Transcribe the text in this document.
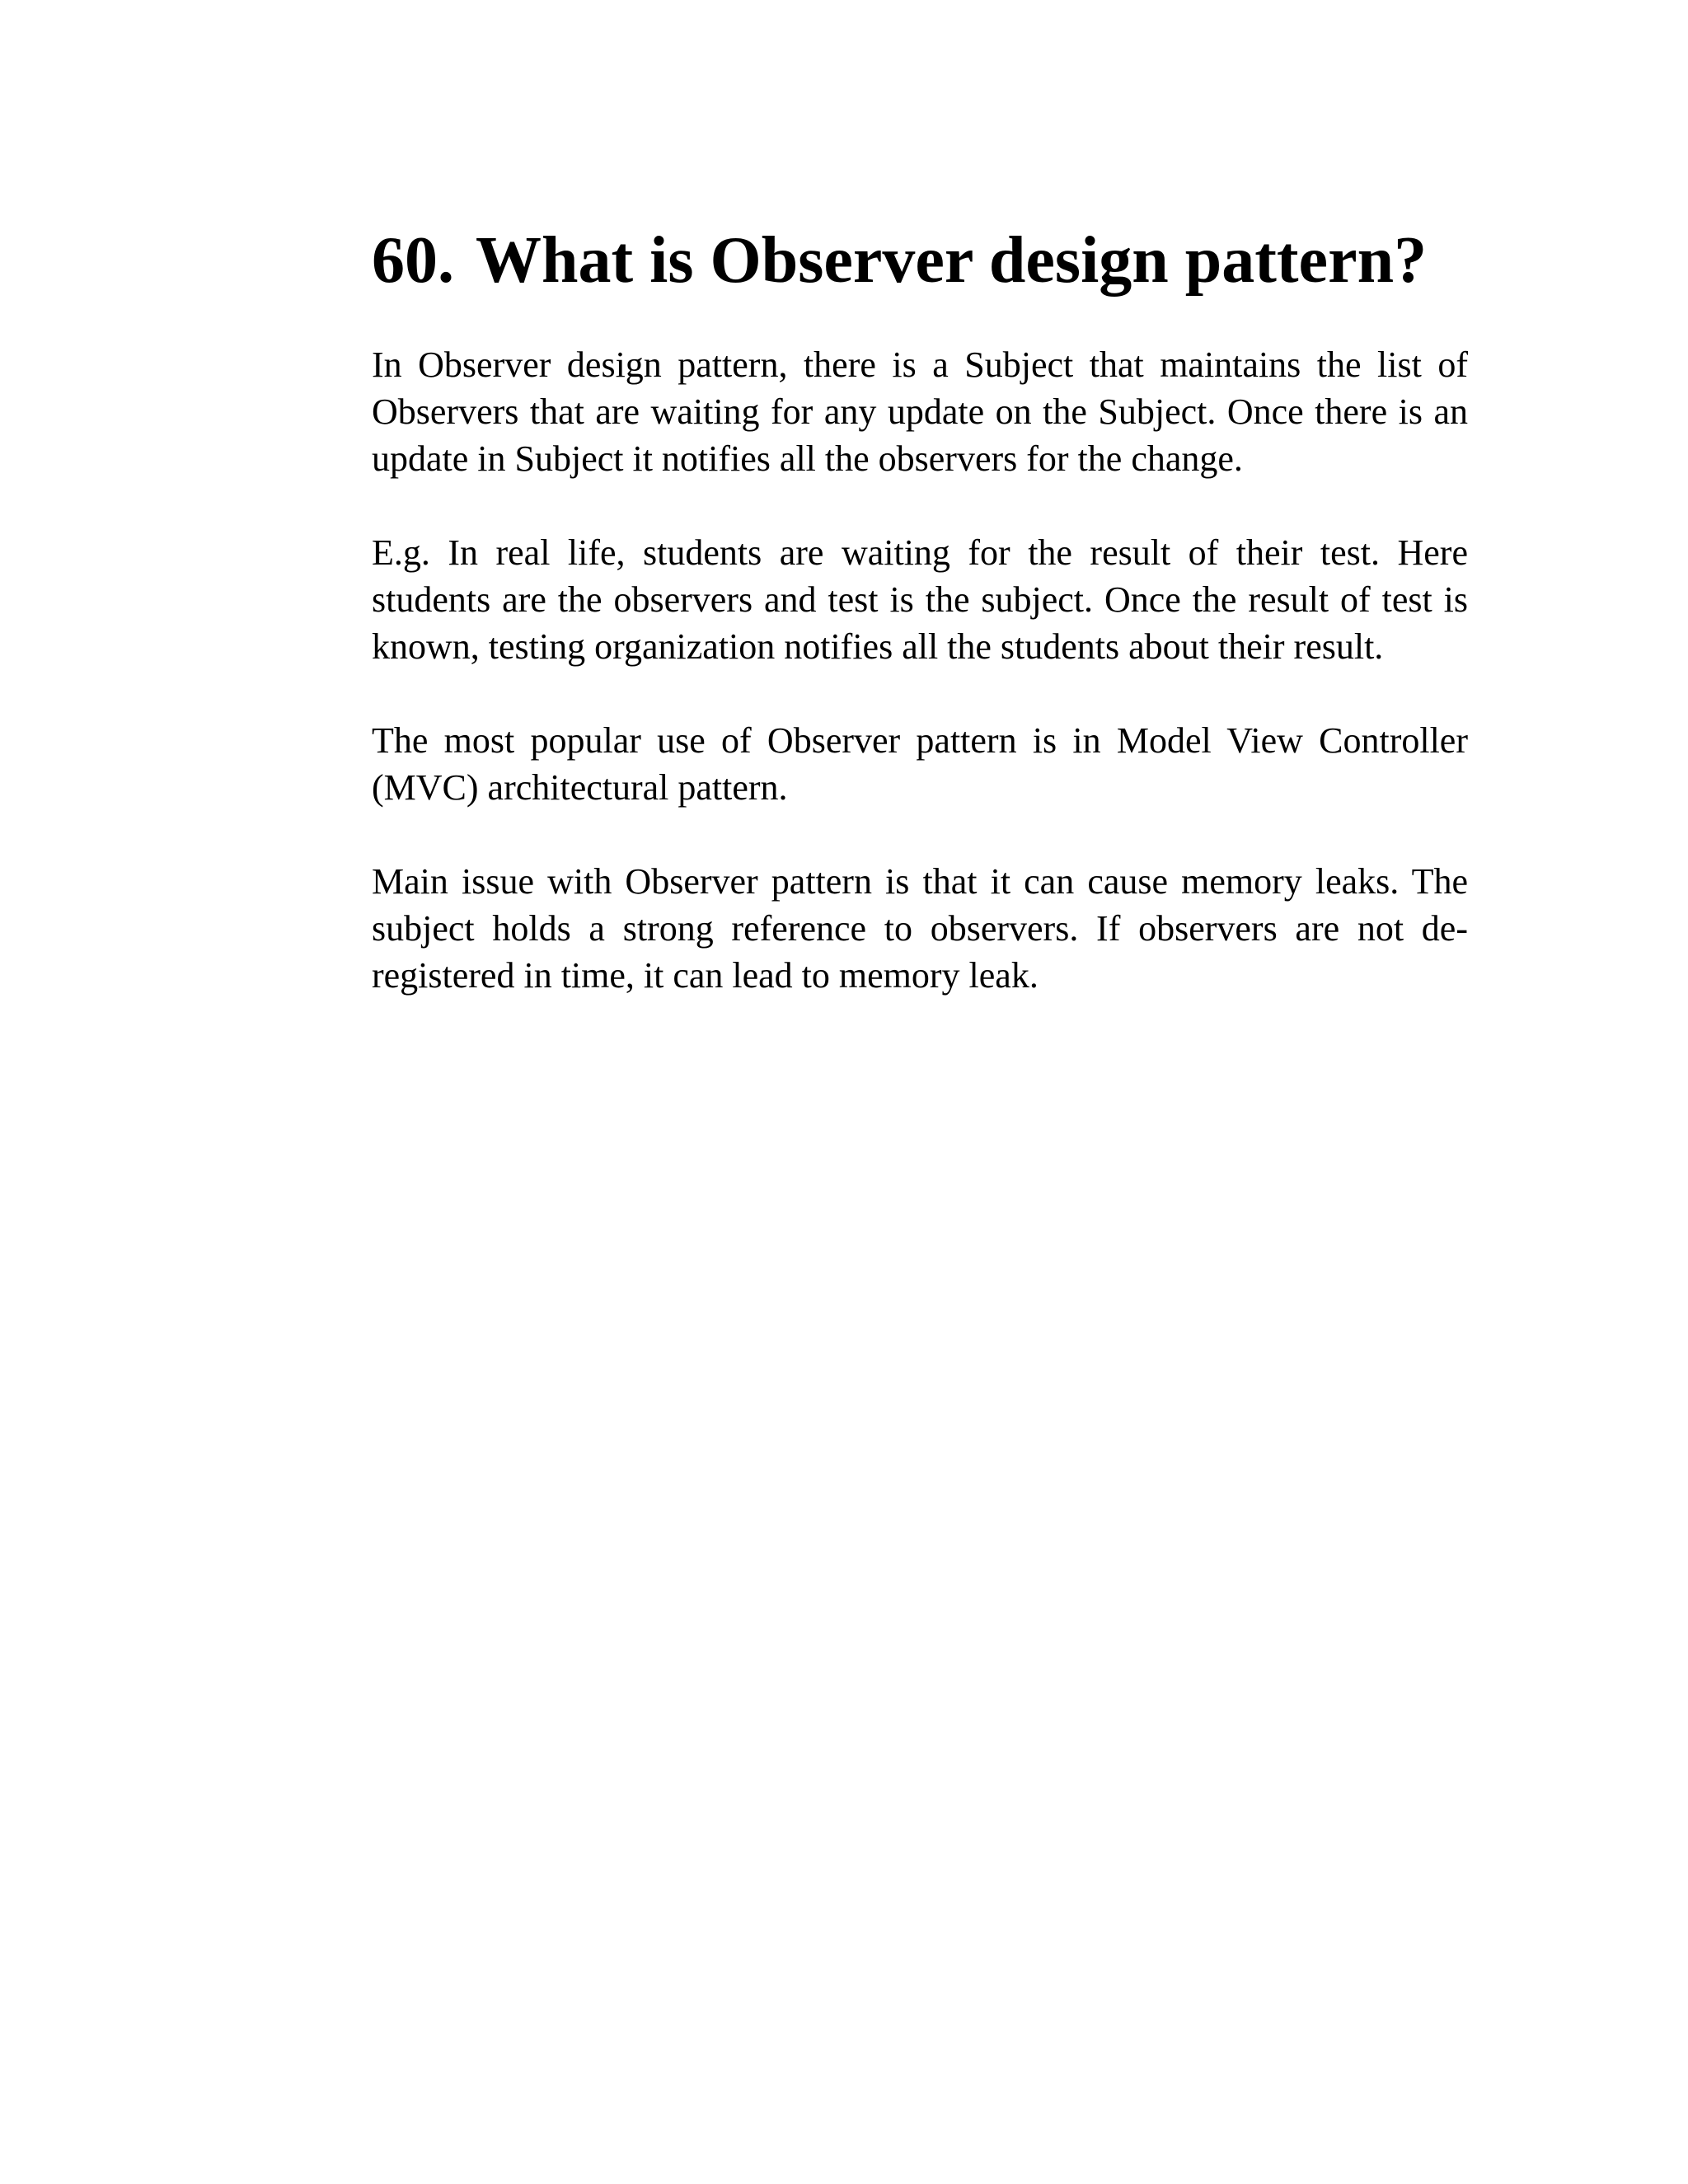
60. What is Observer design pattern?

In Observer design pattern, there is a Subject that maintains the list of Observers that are waiting for any update on the Subject. Once there is an update in Subject it notifies all the observers for the change.

E.g. In real life, students are waiting for the result of their test. Here students are the observers and test is the subject. Once the result of test is known, testing organization notifies all the students about their result.

The most popular use of Observer pattern is in Model View Controller (MVC) architectural pattern.

Main issue with Observer pattern is that it can cause memory leaks. The subject holds a strong reference to observers. If observers are not de-registered in time, it can lead to memory leak.
